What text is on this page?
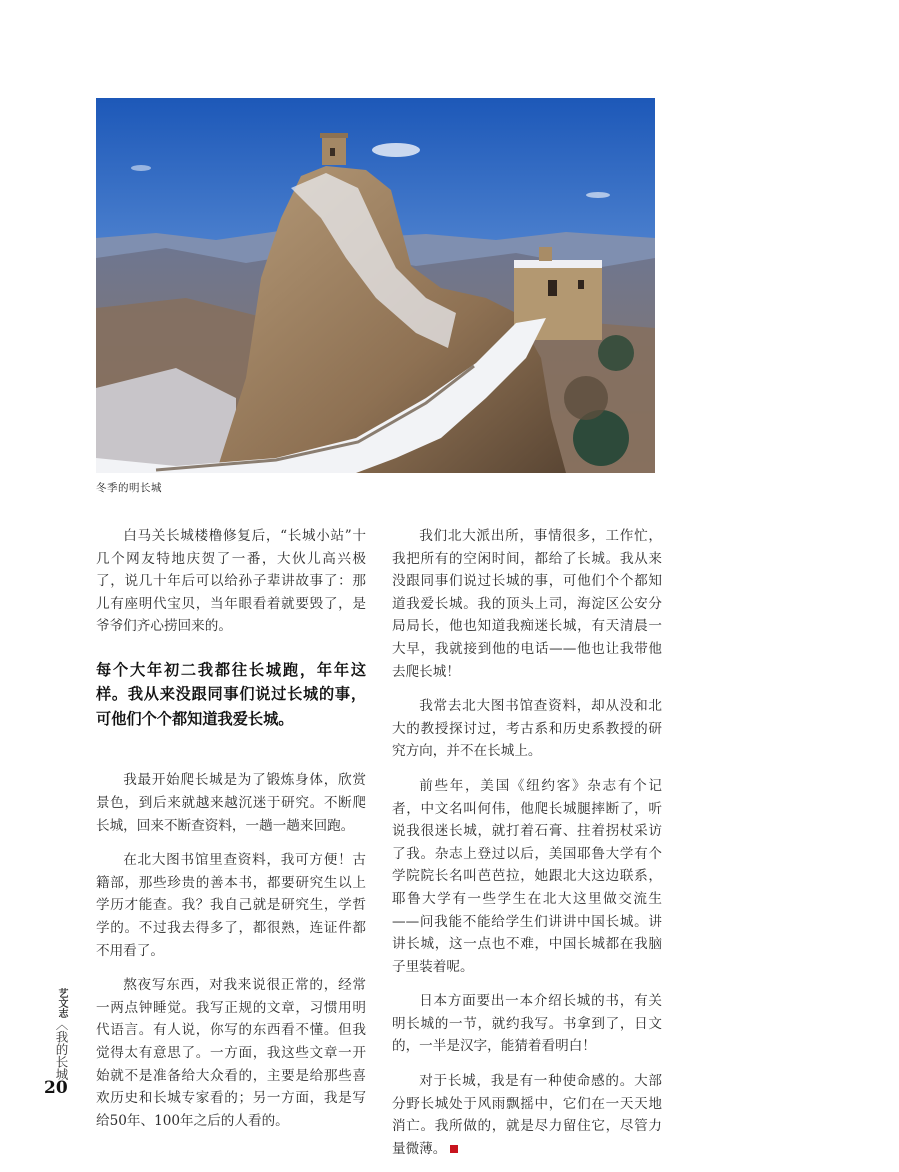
冬季的明长城

白马关长城楼橹修复后，“长城小站”十几个网友特地庆贺了一番，大伙儿高兴极了，说几十年后可以给孙子辈讲故事了：那儿有座明代宝贝，当年眼看着就要毁了，是爷爷们齐心捞回来的。

每个大年初二我都往长城跑，年年这样。我从来没跟同事们说过长城的事，可他们个个都知道我爱长城。

我最开始爬长城是为了锻炼身体，欣赏景色，到后来就越来越沉迷于研究。不断爬长城，回来不断查资料，一趟一趟来回跑。

在北大图书馆里查资料，我可方便！古籍部，那些珍贵的善本书，都要研究生以上学历才能查。我？我自己就是研究生，学哲学的。不过我去得多了，都很熟，连证件都不用看了。

熬夜写东西，对我来说很正常的，经常一两点钟睡觉。我写正规的文章，习惯用明代语言。有人说，你写的东西看不懂。但我觉得太有意思了。一方面，我这些文章一开始就不是准备给大众看的，主要是给那些喜欢历史和长城专家看的；另一方面，我是写给50年、100年之后的人看的。

我们北大派出所，事情很多，工作忙，我把所有的空闲时间，都给了长城。我从来没跟同事们说过长城的事，可他们个个都知道我爱长城。我的顶头上司，海淀区公安分局局长，他也知道我痴迷长城，有天清晨一大早，我就接到他的电话——他也让我带他去爬长城！

我常去北大图书馆查资料，却从没和北大的教授探讨过，考古系和历史系教授的研究方向，并不在长城上。

前些年，美国《纽约客》杂志有个记者，中文名叫何伟，他爬长城腿摔断了，听说我很迷长城，就打着石膏、拄着拐杖采访了我。杂志上登过以后，美国耶鲁大学有个学院院长名叫芭芭拉，她跟北大这边联系，耶鲁大学有一些学生在北大这里做交流生——问我能不能给学生们讲讲中国长城。讲讲长城，这一点也不难，中国长城都在我脑子里装着呢。

日本方面要出一本介绍长城的书，有关明长城的一节，就约我写。书拿到了，日文的，一半是汉字，能猜着看明白！

对于长城，我是有一种使命感的。大部分野长城处于风雨飘摇中，它们在一天天地消亡。我所做的，就是尽力留住它，尽管力量微薄。

艺文志〈我的长城
20
